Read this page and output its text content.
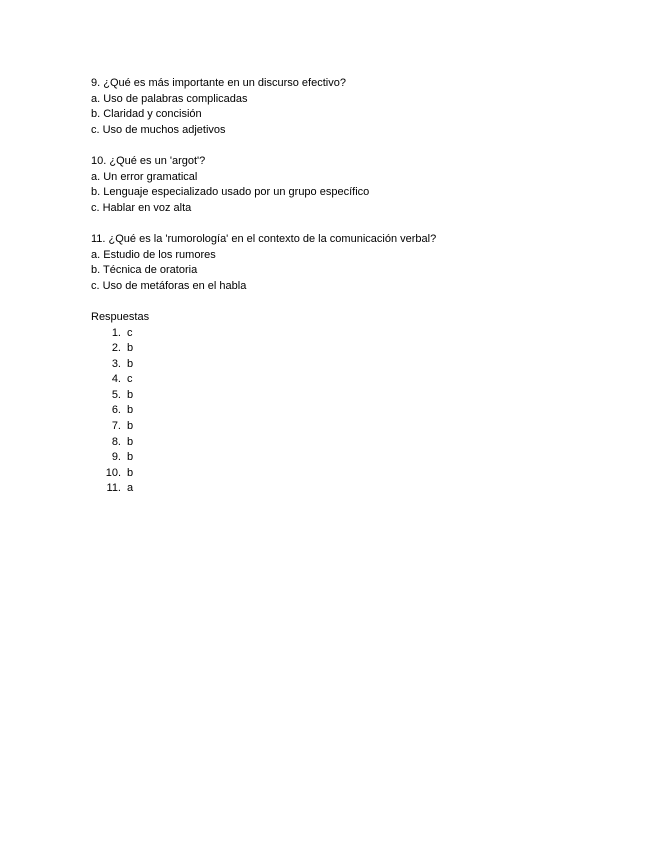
9. ¿Qué es más importante en un discurso efectivo?
a. Uso de palabras complicadas
b. Claridad y concisión
c. Uso de muchos adjetivos
10. ¿Qué es un 'argot'?
a. Un error gramatical
b. Lenguaje especializado usado por un grupo específico
c. Hablar en voz alta
11. ¿Qué es la 'rumorología' en el contexto de la comunicación verbal?
a. Estudio de los rumores
b. Técnica de oratoria
c. Uso de metáforas en el habla
Respuestas
1. c
2. b
3. b
4. c
5. b
6. b
7. b
8. b
9. b
10. b
11. a
